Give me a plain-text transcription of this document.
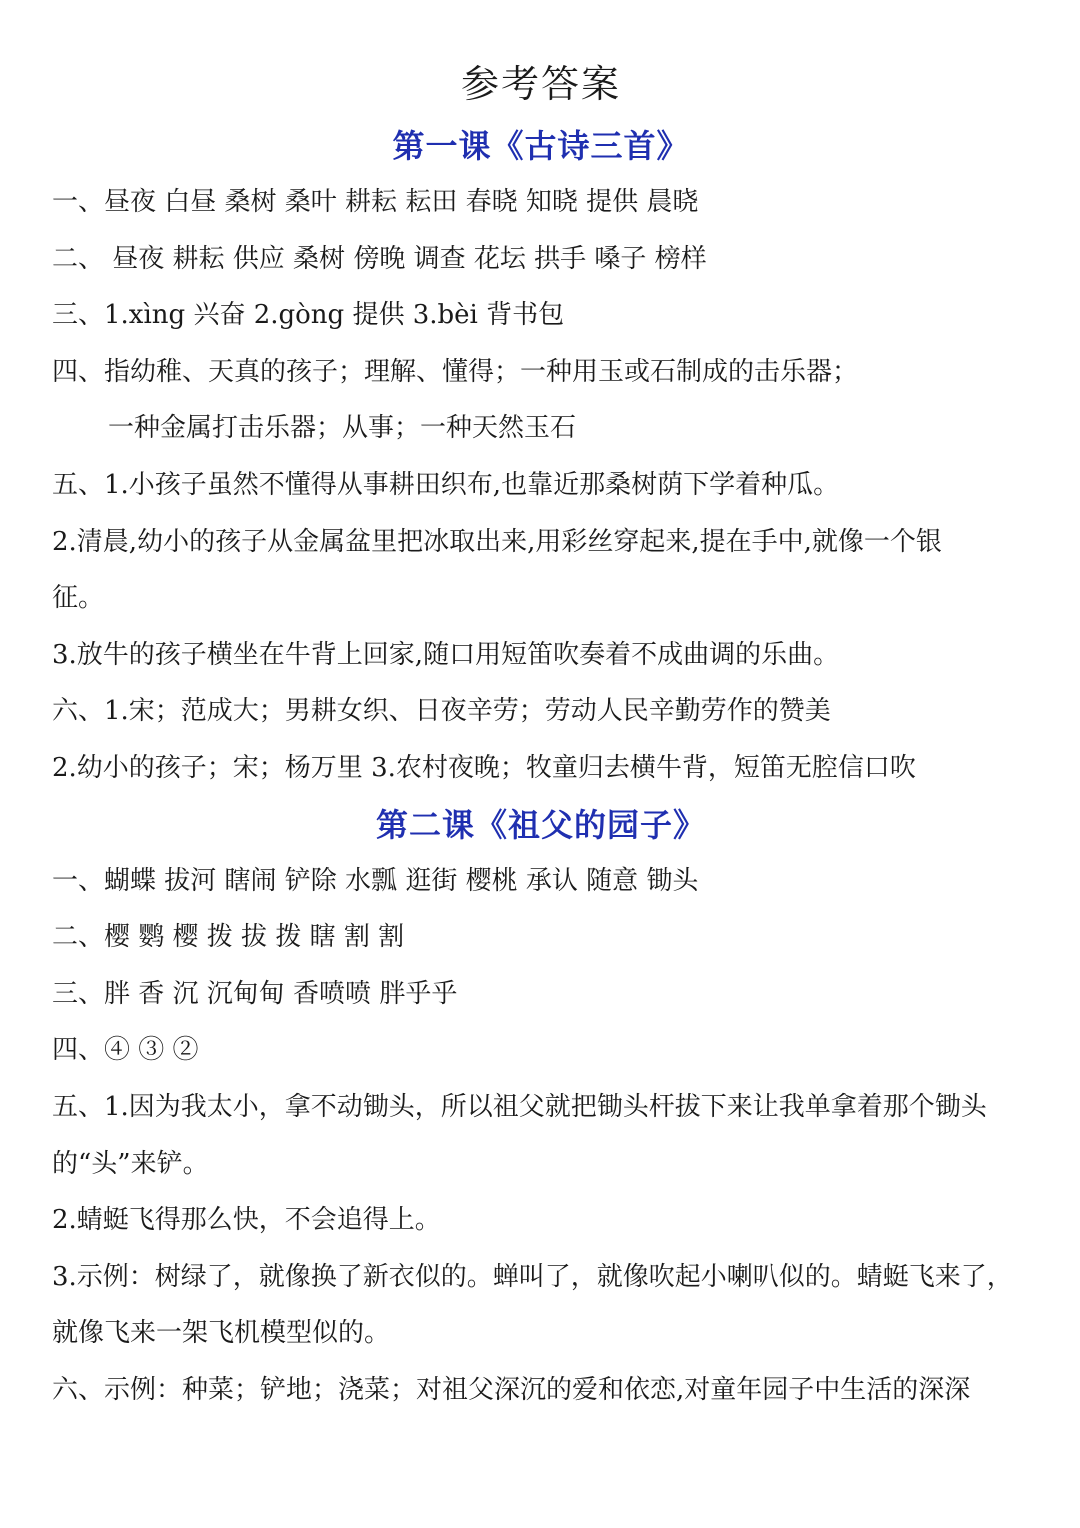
参考答案
第一课《古诗三首》

一、昼夜 白昼 桑树 桑叶 耕耘 耘田 春晓 知晓 提供 晨晓

二、 昼夜 耕耘 供应 桑树 傍晚 调查 花坛 拱手 嗓子 榜样

三、1.xìng 兴奋 2.gòng 提供 3.bèi 背书包

四、指幼稚、天真的孩子；理解、懂得；一种用玉或石制成的击乐器；

一种金属打击乐器；从事；一种天然玉石

五、1.小孩子虽然不懂得从事耕田织布,也靠近那桑树荫下学着种瓜。

2.清晨,幼小的孩子从金属盆里把冰取出来,用彩丝穿起来,提在手中,就像一个银

征。

3.放牛的孩子横坐在牛背上回家,随口用短笛吹奏着不成曲调的乐曲。

六、1.宋；范成大；男耕女织、日夜辛劳；劳动人民辛勤劳作的赞美

2.幼小的孩子；宋；杨万里 3.农村夜晚；牧童归去横牛背，短笛无腔信口吹

第二课《祖父的园子》

一、蝴蝶 拔河 瞎闹 铲除 水瓢 逛街 樱桃 承认 随意 锄头

二、樱 鹦 樱 拨 拔 拨 瞎 割 割

三、胖 香 沉 沉甸甸 香喷喷 胖乎乎

四、④ ③ ②

五、1.因为我太小，拿不动锄头，所以祖父就把锄头杆拔下来让我单拿着那个锄头

的“头”来铲。

2.蜻蜓飞得那么快，不会追得上。

3.示例：树绿了，就像换了新衣似的。蝉叫了，就像吹起小喇叭似的。蜻蜓飞来了，

就像飞来一架飞机模型似的。

六、示例：种菜；铲地；浇菜；对祖父深沉的爱和依恋,对童年园子中生活的深深
